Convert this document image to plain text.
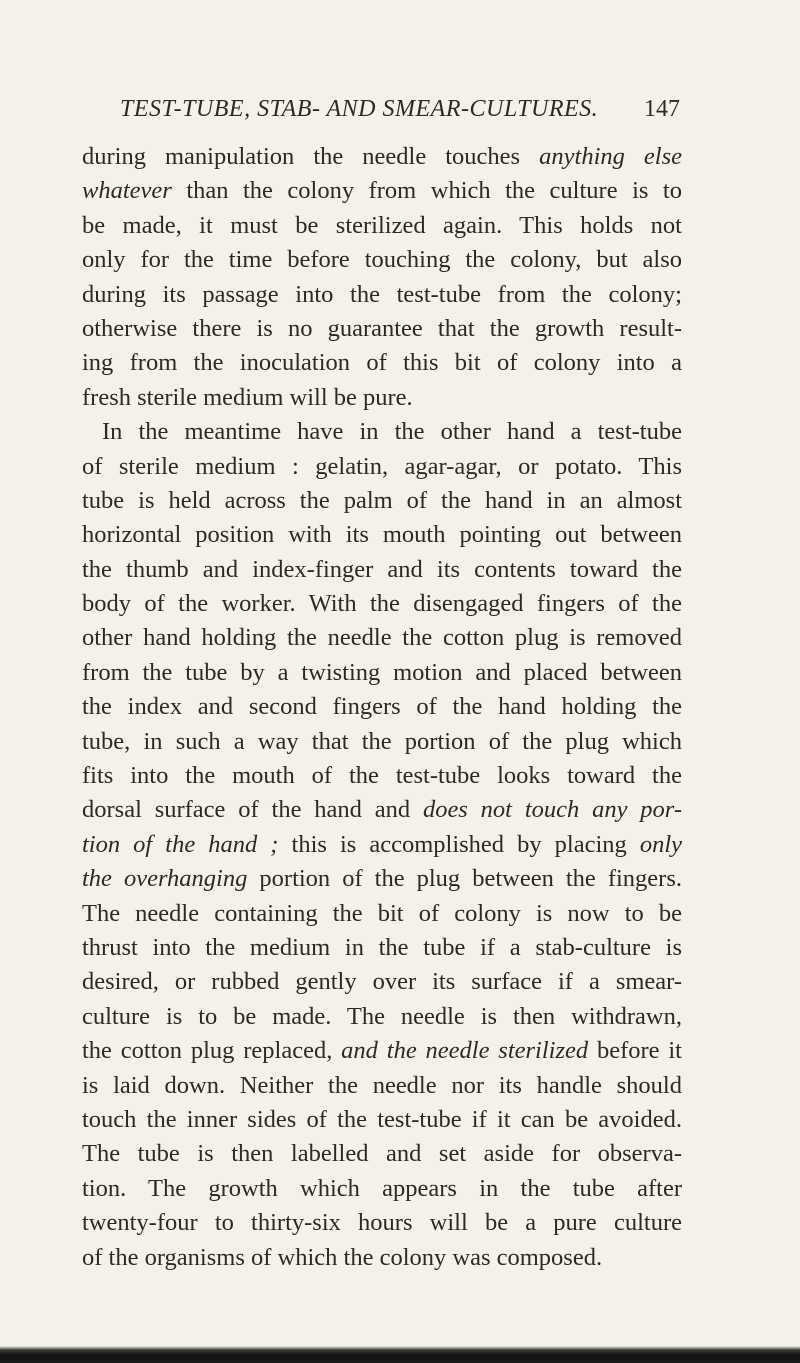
TEST-TUBE, STAB- AND SMEAR-CULTURES. 147
during manipulation the needle touches anything else
whatever than the colony from which the culture is to
be made, it must be sterilized again. This holds not
only for the time before touching the colony, but also
during its passage into the test-tube from the colony;
otherwise there is no guarantee that the growth result-
ing from the inoculation of this bit of colony into a
fresh sterile medium will be pure.
In the meantime have in the other hand a test-tube
of sterile medium : gelatin, agar-agar, or potato. This
tube is held across the palm of the hand in an almost
horizontal position with its mouth pointing out between
the thumb and index-finger and its contents toward the
body of the worker. With the disengaged fingers of the
other hand holding the needle the cotton plug is removed
from the tube by a twisting motion and placed between
the index and second fingers of the hand holding the
tube, in such a way that the portion of the plug which
fits into the mouth of the test-tube looks toward the
dorsal surface of the hand and does not touch any por-
tion of the hand ; this is accomplished by placing only
the overhanging portion of the plug between the fingers.
The needle containing the bit of colony is now to be
thrust into the medium in the tube if a stab-culture is
desired, or rubbed gently over its surface if a smear-
culture is to be made. The needle is then withdrawn,
the cotton plug replaced, and the needle sterilized before it
is laid down. Neither the needle nor its handle should
touch the inner sides of the test-tube if it can be avoided.
The tube is then labelled and set aside for observa-
tion. The growth which appears in the tube after
twenty-four to thirty-six hours will be a pure culture
of the organisms of which the colony was composed.
